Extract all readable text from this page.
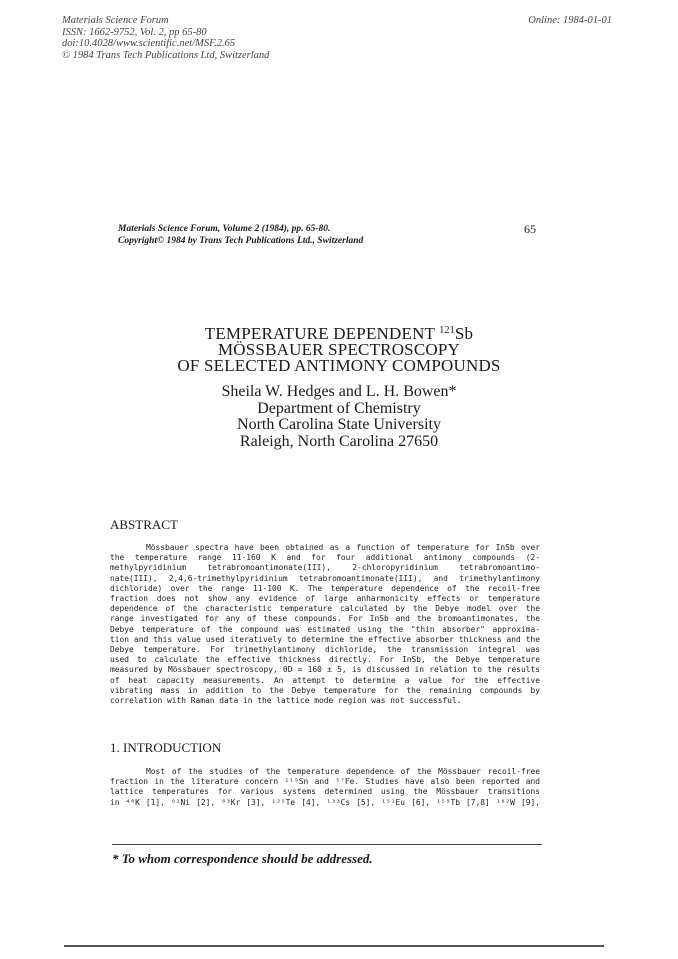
Materials Science Forum
ISSN: 1662-9752, Vol. 2, pp 65-80
doi:10.4028/www.scientific.net/MSF.2.65
© 1984 Trans Tech Publications Ltd, Switzerland
Online: 1984-01-01
Materials Science Forum, Volume 2 (1984), pp. 65-80.
Copyright© 1984 by Trans Tech Publications Ltd., Switzerland
65
TEMPERATURE DEPENDENT $^{121}$Sb
MÖSSBAUER SPECTROSCOPY
OF SELECTED ANTIMONY COMPOUNDS
Sheila W. Hedges and L. H. Bowen*
Department of Chemistry
North Carolina State University
Raleigh, North Carolina 27650
ABSTRACT
Mössbauer spectra have been obtained as a function of temperature for InSb over
the temperature range 11-160 K and for four additional antimony compounds (2-
methylpyridinium tetrabromoantimonate(III), 2-chloropyridinium tetrabromoantimo-
nate(III), 2,4,6-trimethylpyridinium tetrabromoantimonate(III), and trimethylantimony
dichloride) over the range 11-100 K. The temperature dependence of the recoil-free
fraction does not show any evidence of large anharmonicity effects or temperature
dependence of the characteristic temperature calculated by the Debye model over the
range investigated for any of these compounds. For InSb and the bromoantimonates, the
Debye temperature of the compound was estimated using the "thin absorber" approxima-
tion and this value used iteratively to determine the effective absorber thickness and the
Debye temperature. For trimethylantimony dichloride, the transmission integral was
used to calculate the effective thickness directly. For InSb, the Debye temperature
measured by Mössbauer spectroscopy, θD = 160 ± 5, is discussed in relation to the results
of heat capacity measurements. An attempt to determine a value for the effective
vibrating mass in addition to the Debye temperature for the remaining compounds by
correlation with Raman data in the lattice mode region was not successful.
1. INTRODUCTION
Most of the studies of the temperature dependence of the Mössbauer recoil-free
fraction in the literature concern ¹¹⁹Sn and ⁵⁷Fe. Studies have also been reported and
lattice temperatures for various systems determined using the Mössbauer transitions
in ⁴⁰K [1], ⁶¹Ni [2], ⁸³Kr [3], ¹²⁵Te [4], ¹³³Cs [5], ¹⁵¹Eu [6], ¹⁵⁹Tb [7,8] ¹⁸²W [9],
* To whom correspondence should be addressed.
